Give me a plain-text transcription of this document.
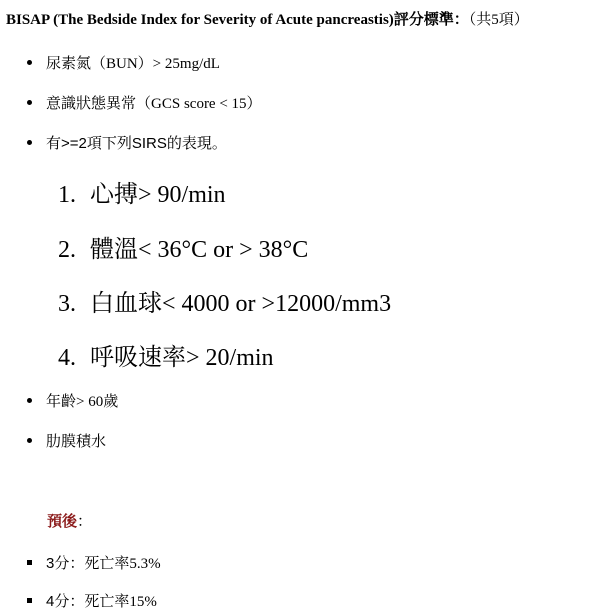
BISAP (The Bedside Index for Severity of Acute pancreastis)評分標準：（共5項）
尿素氮（BUN）> 25mg/dL
意識狀態異常（GCS score < 15）
有>=2項下列SIRS的表現。
1. 心搏> 90/min
2. 體溫< 36°C or > 38°C
3. 白血球< 4000 or >12000/mm3
4. 呼吸速率> 20/min
年齡> 60歲
肋膜積水
預後：
3分：死亡率5.3%
4分：死亡率15%
